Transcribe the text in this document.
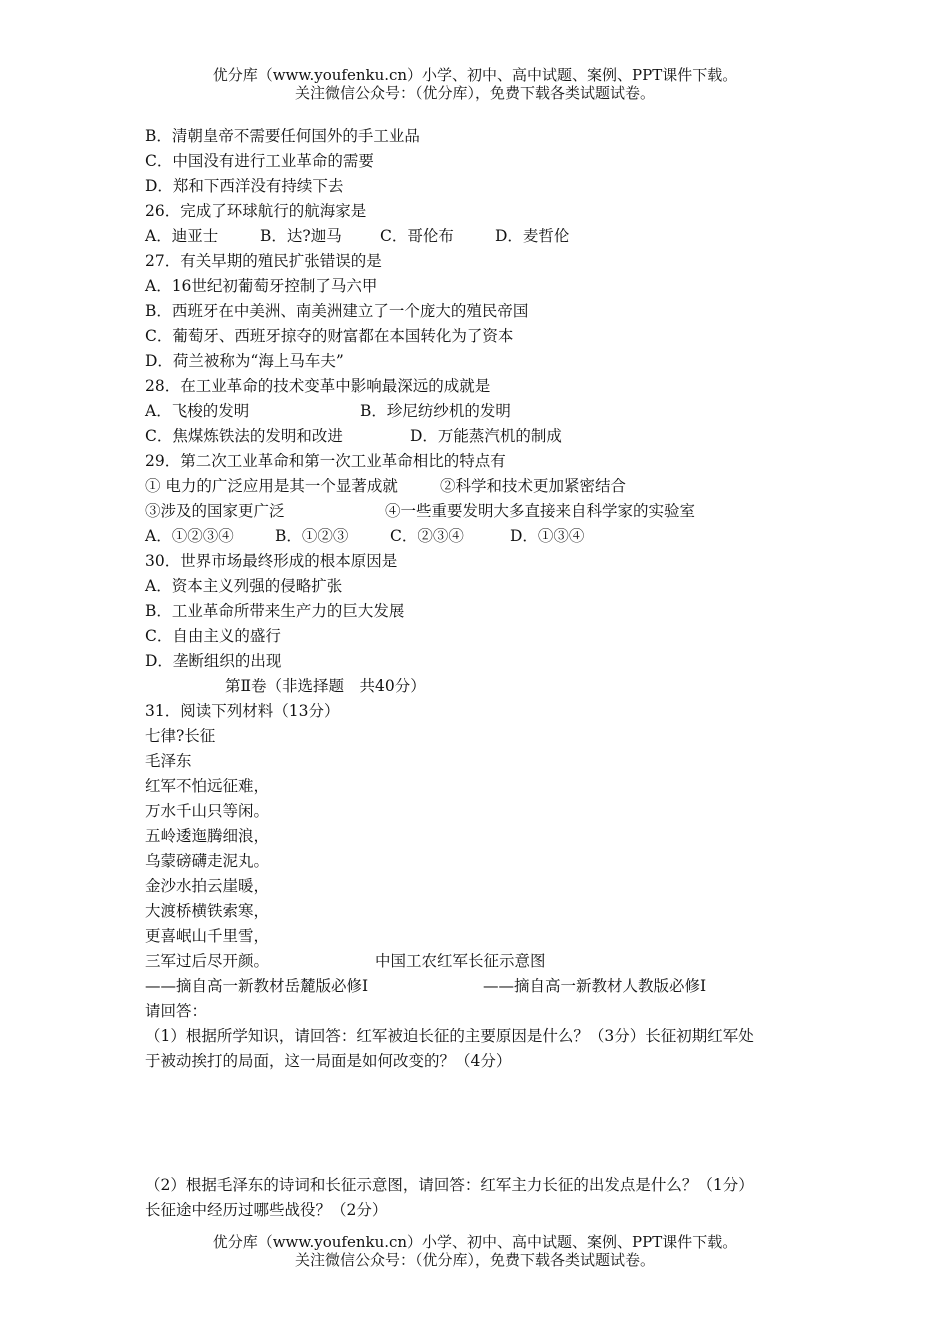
优分库（www.youfenku.cn）小学、初中、高中试题、案例、PPT课件下载。
关注微信公众号：（优分库），免费下载各类试题试卷。
B．清朝皇帝不需要任何国外的手工业品
C．中国没有进行工业革命的需要
D．郑和下西洋没有持续下去
26．完成了环球航行的航海家是
A．迪亚士	B．达?迦马 C．哥伦布	D．麦哲伦
27．有关早期的殖民扩张错误的是
A．16世纪初葡萄牙控制了马六甲
B．西班牙在中美洲、南美洲建立了一个庞大的殖民帝国
C．葡萄牙、西班牙掠夺的财富都在本国转化为了资本
D．荷兰被称为“海上马车夫”
28．在工业革命的技术变革中影响最深远的成就是
A．飞梭的发明	B．珍尼纺纱机的发明
C．焦煤炼铁法的发明和改进	D．万能蒸汽机的制成
29．第二次工业革命和第一次工业革命相比的特点有
① 电力的广泛应用是其一个显著成就	②科学和技术更加紧密结合
③涉及的国家更广泛	④一些重要发明大多直接来自科学家的实验室
A．①②③④	B．①②③	C．②③④	D．①③④
30．世界市场最终形成的根本原因是
A．资本主义列强的侵略扩张
B．工业革命所带来生产力的巨大发展
C．自由主义的盛行
D．垄断组织的出现
第Ⅱ卷（非选择题　共40分）
31．阅读下列材料（13分）
七律?长征
毛泽东
红军不怕远征难，
万水千山只等闲。
五岭逶迤腾细浪，
乌蒙磅礴走泥丸。
金沙水拍云崖暖，
大渡桥横铁索寒，
更喜岷山千里雪，
三军过后尽开颜。	中国工农红军长征示意图
——摘自高一新教材岳麓版必修Ⅰ	——摘自高一新教材人教版必修Ⅰ
请回答：
（1）根据所学知识，请回答：红军被迫长征的主要原因是什么？（3分）长征初期红军处
于被动挨打的局面，这一局面是如何改变的？（4分）
（2）根据毛泽东的诗词和长征示意图，请回答：红军主力长征的出发点是什么？（1分）
长征途中经历过哪些战役？（2分）
优分库（www.youfenku.cn）小学、初中、高中试题、案例、PPT课件下载。
关注微信公众号：（优分库），免费下载各类试题试卷。
